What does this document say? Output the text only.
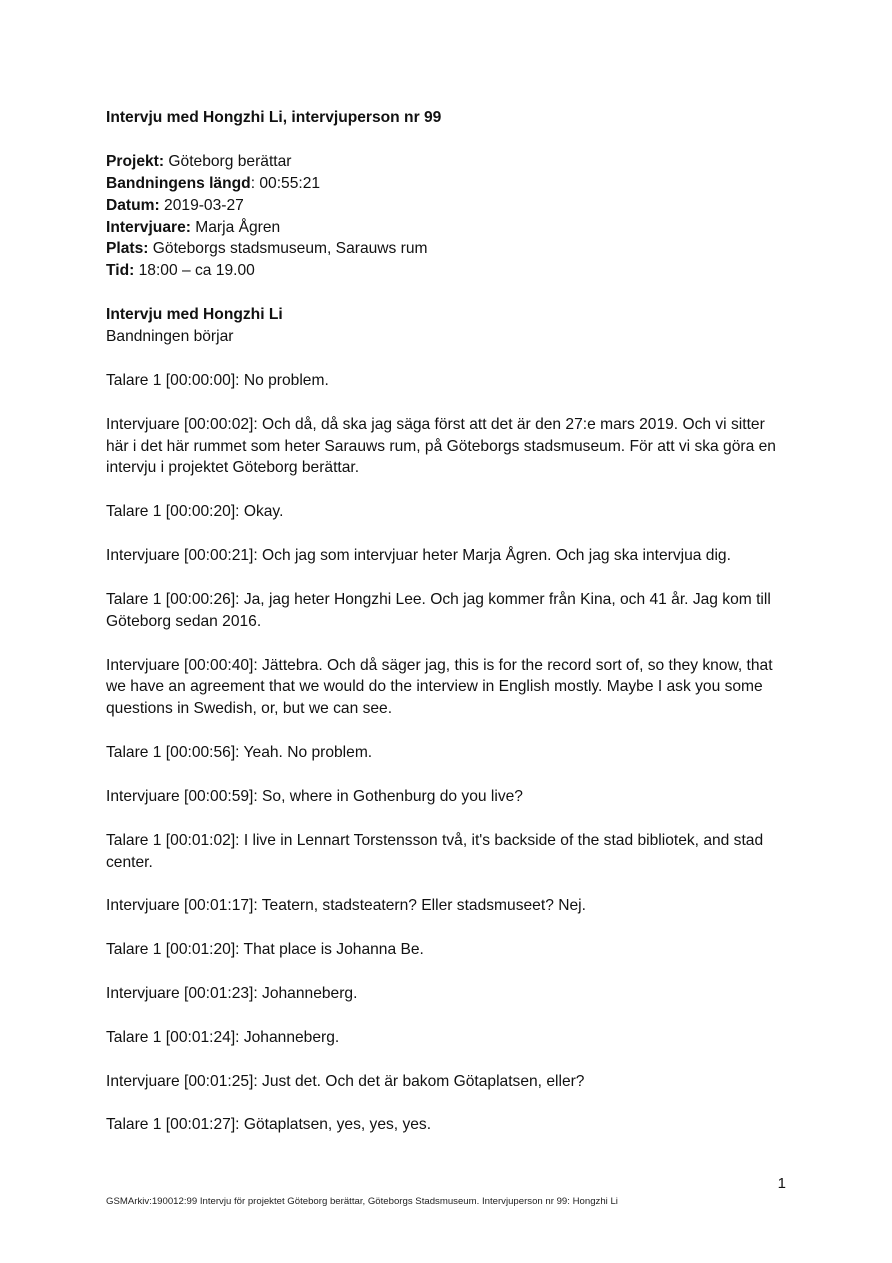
Intervju med Hongzhi Li, intervjuperson nr 99

Projekt: Göteborg berättar

Bandningens längd: 00:55:21

Datum: 2019-03-27

Intervjuare: Marja Ågren

Plats: Göteborgs stadsmuseum, Sarauws rum

Tid: 18:00 – ca 19.00

Intervju med Hongzhi Li

Bandningen börjar

Talare 1 [00:00:00]: No problem.

Intervjuare [00:00:02]: Och då, då ska jag säga först att det är den 27:e mars 2019. Och vi sitter här i det här rummet som heter Sarauws rum, på Göteborgs stadsmuseum. För att vi ska göra en intervju i projektet Göteborg berättar.

Talare 1 [00:00:20]: Okay.

Intervjuare [00:00:21]: Och jag som intervjuar heter Marja Ågren. Och jag ska intervjua dig.

Talare 1 [00:00:26]: Ja, jag heter Hongzhi Lee. Och jag kommer från Kina, och 41 år. Jag kom till Göteborg sedan 2016.

Intervjuare [00:00:40]: Jättebra. Och då säger jag, this is for the record sort of, so they know, that we have an agreement that we would do the interview in English mostly. Maybe I ask you some questions in Swedish, or, but we can see.

Talare 1 [00:00:56]: Yeah. No problem.

Intervjuare [00:00:59]: So, where in Gothenburg do you live?

Talare 1 [00:01:02]: I live in Lennart Torstensson två, it's backside of the stad bibliotek, and stad center.

Intervjuare [00:01:17]: Teatern, stadsteatern? Eller stadsmuseet? Nej.

Talare 1 [00:01:20]: That place is Johanna Be.

Intervjuare [00:01:23]: Johanneberg.

Talare 1 [00:01:24]: Johanneberg.

Intervjuare [00:01:25]: Just det. Och det är bakom Götaplatsen, eller?

Talare 1 [00:01:27]: Götaplatsen, yes, yes, yes.

1
GSMArkiv:190012:99 Intervju för projektet Göteborg berättar, Göteborgs Stadsmuseum. Intervjuperson nr 99: Hongzhi Li
